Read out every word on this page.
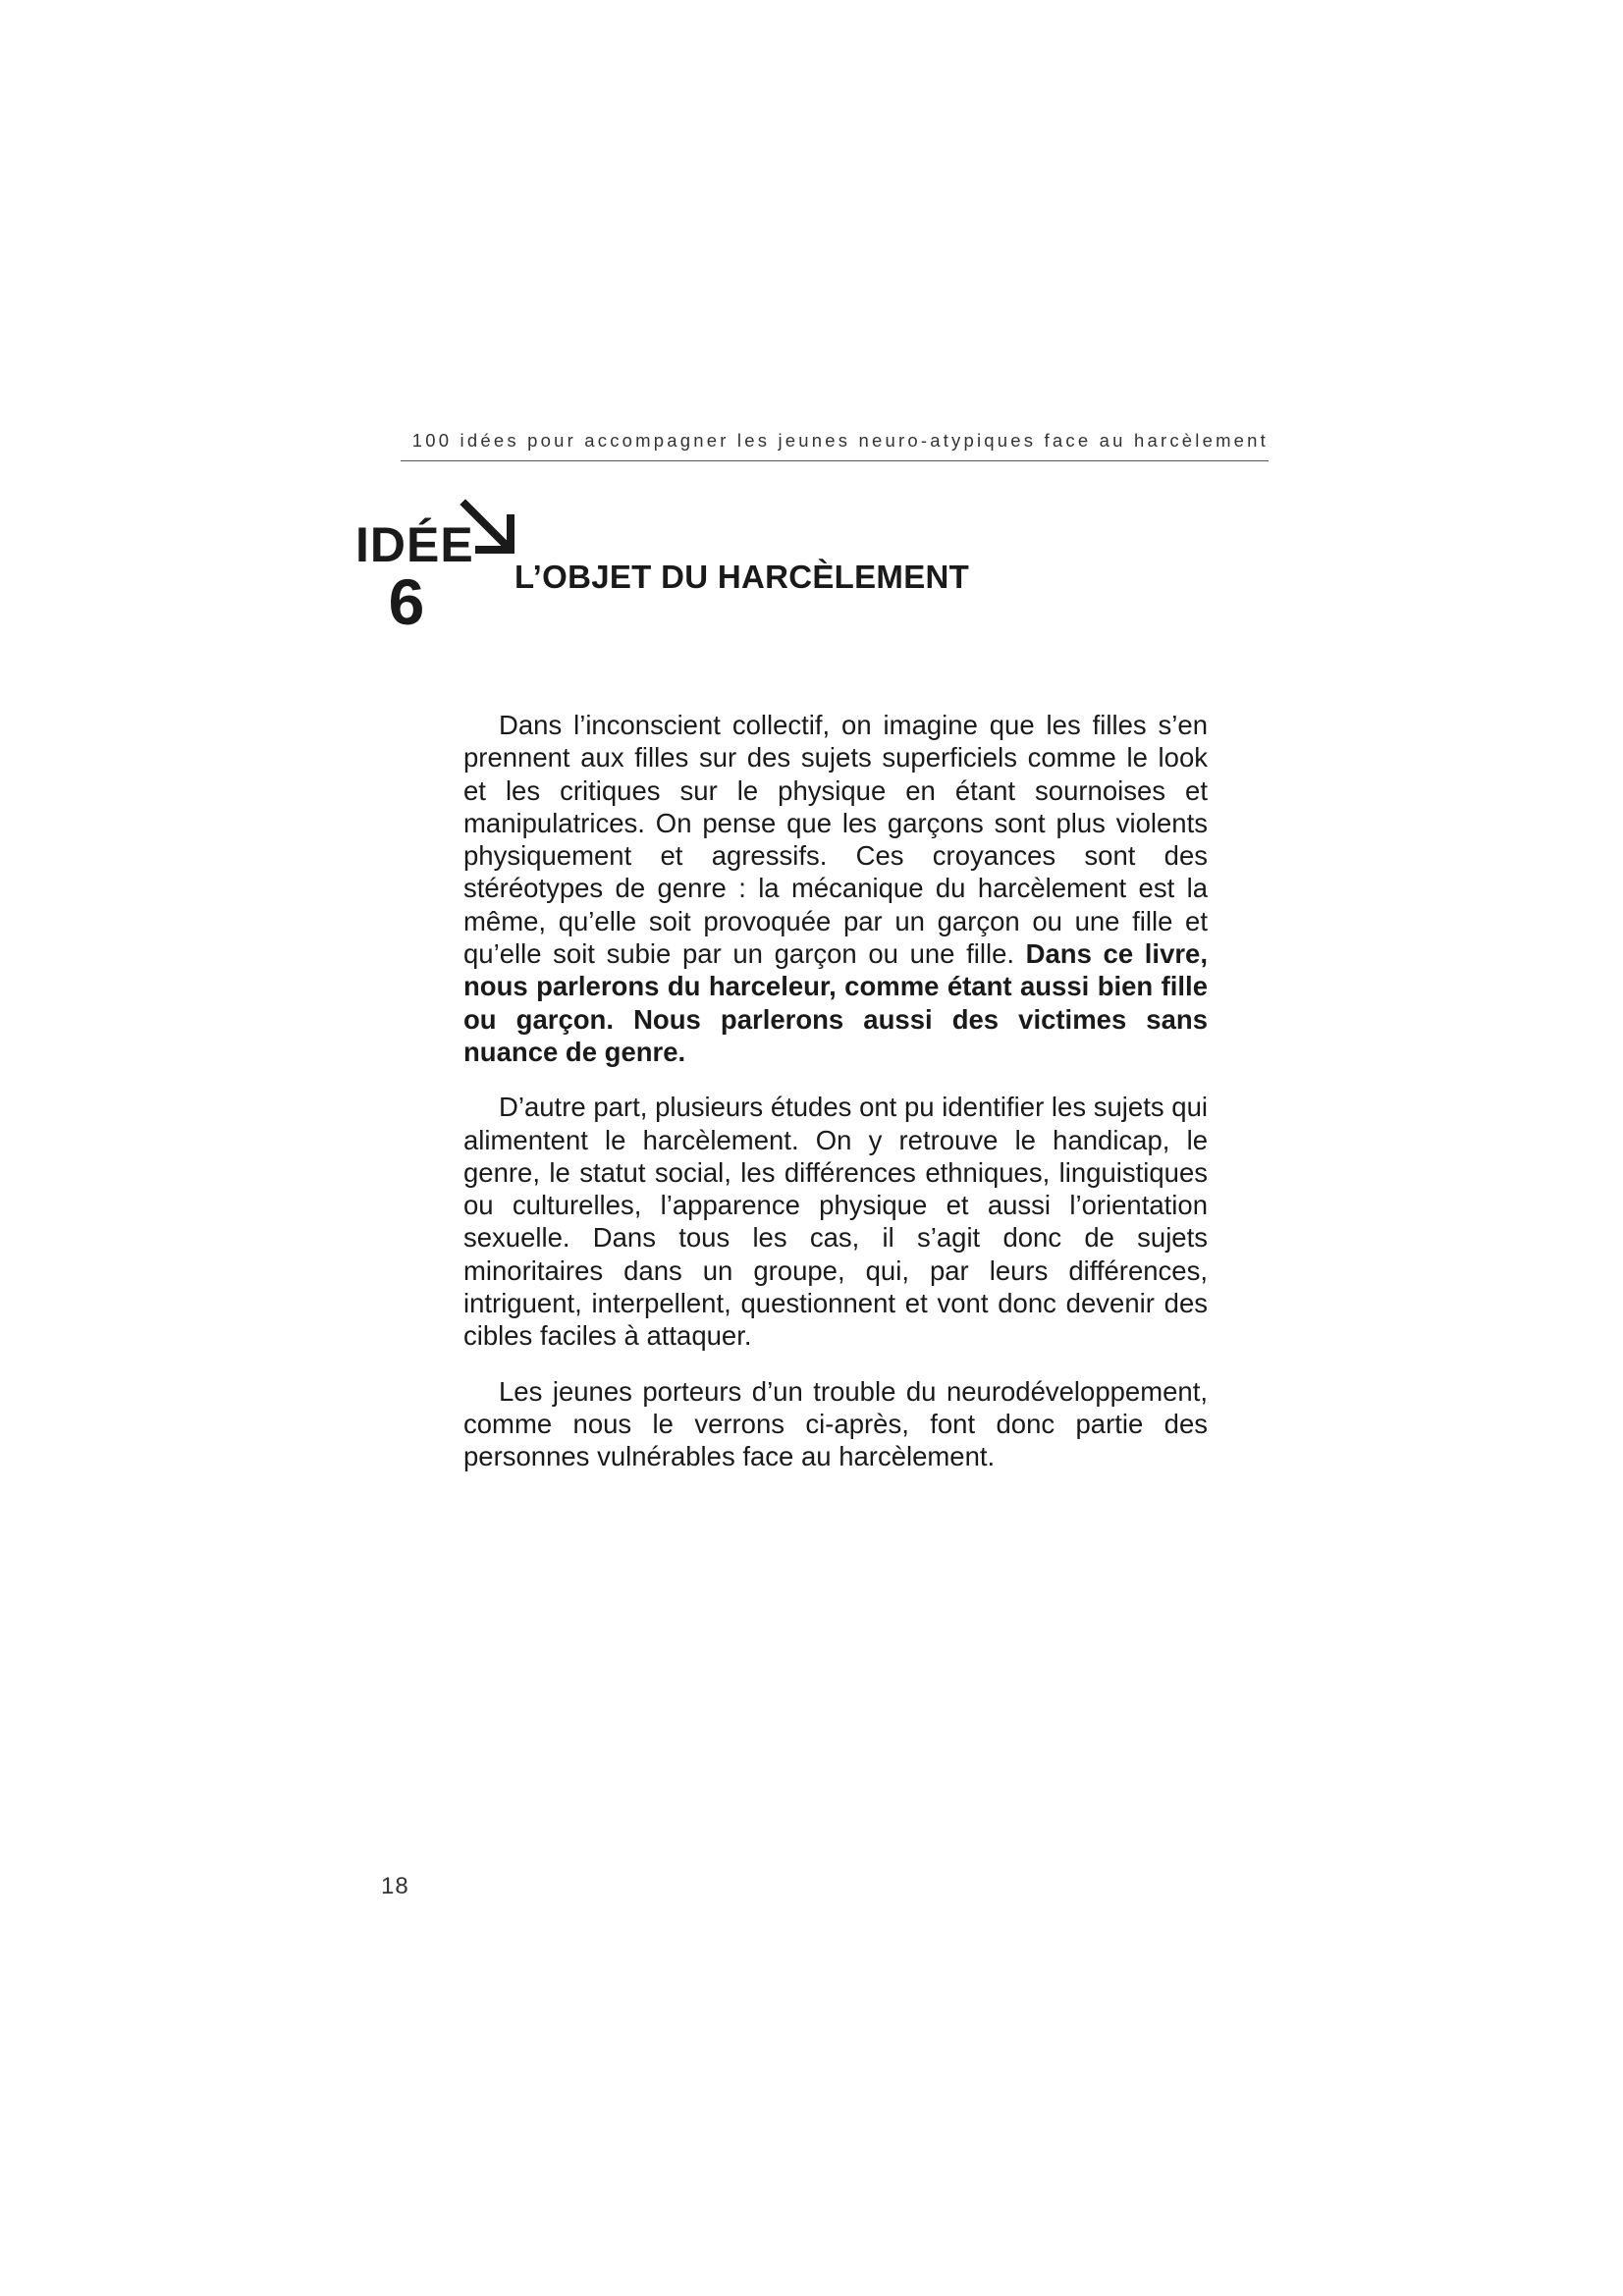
100 idées pour accompagner les jeunes neuro-atypiques face au harcèlement
IDÉE
6	L’OBJET DU HARCÈLEMENT

Dans l’inconscient collectif, on imagine que les filles s’en prennent aux filles sur des sujets superficiels comme le look et les critiques sur le physique en étant sournoises et manipulatrices. On pense que les garçons sont plus violents physiquement et agressifs. Ces croyances sont des stéréotypes de genre : la mécanique du harcèlement est la même, qu’elle soit provoquée par un garçon ou une fille et qu’elle soit subie par un garçon ou une fille. Dans ce livre, nous parlerons du harceleur, comme étant aussi bien fille ou garçon. Nous parlerons aussi des victimes sans nuance de genre.

D’autre part, plusieurs études ont pu identifier les sujets qui alimentent le harcèlement. On y retrouve le handicap, le genre, le statut social, les différences ethniques, linguistiques ou culturelles, l’apparence physique et aussi l’orientation sexuelle. Dans tous les cas, il s’agit donc de sujets minoritaires dans un groupe, qui, par leurs différences, intriguent, interpellent, questionnent et vont donc devenir des cibles faciles à attaquer.

Les jeunes porteurs d’un trouble du neurodéveloppement, comme nous le verrons ci-après, font donc partie des personnes vulnérables face au harcèlement.

18
